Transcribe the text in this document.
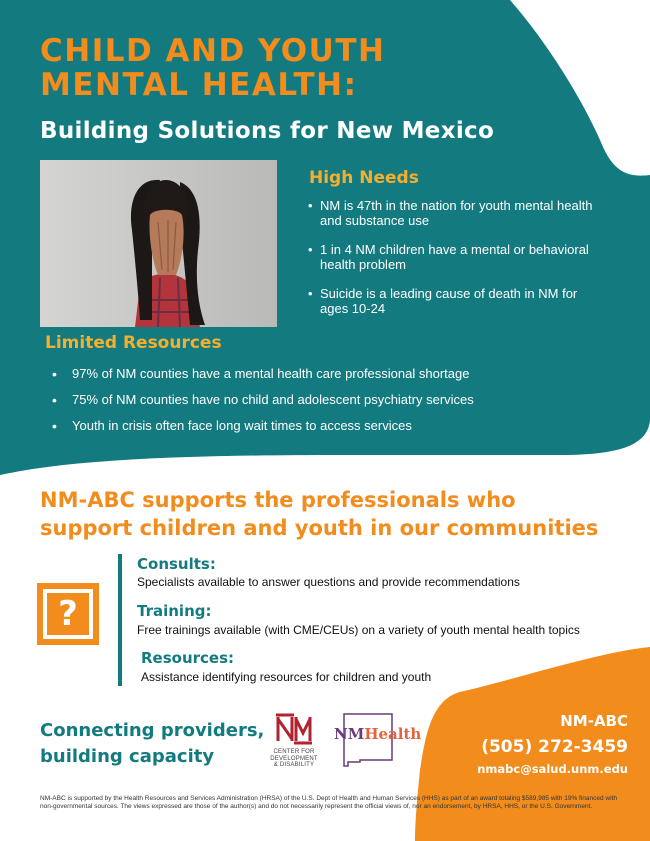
CHILD AND YOUTH
MENTAL HEALTH:
Building Solutions for New Mexico
High Needs
• NM is 47th in the nation for youth mental health and substance use
• 1 in 4 NM children have a mental or behavioral health problem
• Suicide is a leading cause of death in NM for ages 10-24
Limited Resources
• 97% of NM counties have a mental health care professional shortage
• 75% of NM counties have no child and adolescent psychiatry services
• Youth in crisis often face long wait times to access services
NM-ABC supports the professionals who
support children and youth in our communities
?
Consults:
Specialists available to answer questions and provide recommendations
Training:
Free trainings available (with CME/CEUs) on a variety of youth mental health topics
Resources:
Assistance identifying resources for children and youth
Connecting providers,
building capacity	CENTER FOR
DEVELOPMENT
& DISABILITY
NMHealth
NM-ABC
(505) 272-3459
nmabc@salud.unm.edu
NM-ABC is supported by the Health Resources and Services Administration (HRSA) of the U.S. Dept of Health and Human Services (HHS) as part of an award totaling $589,985 with 19% financed with non-governmental sources. The views expressed are those of the author(s) and do not necessarily represent the official views of, nor an endorsement, by HRSA, HHS, or the U.S. Government.
